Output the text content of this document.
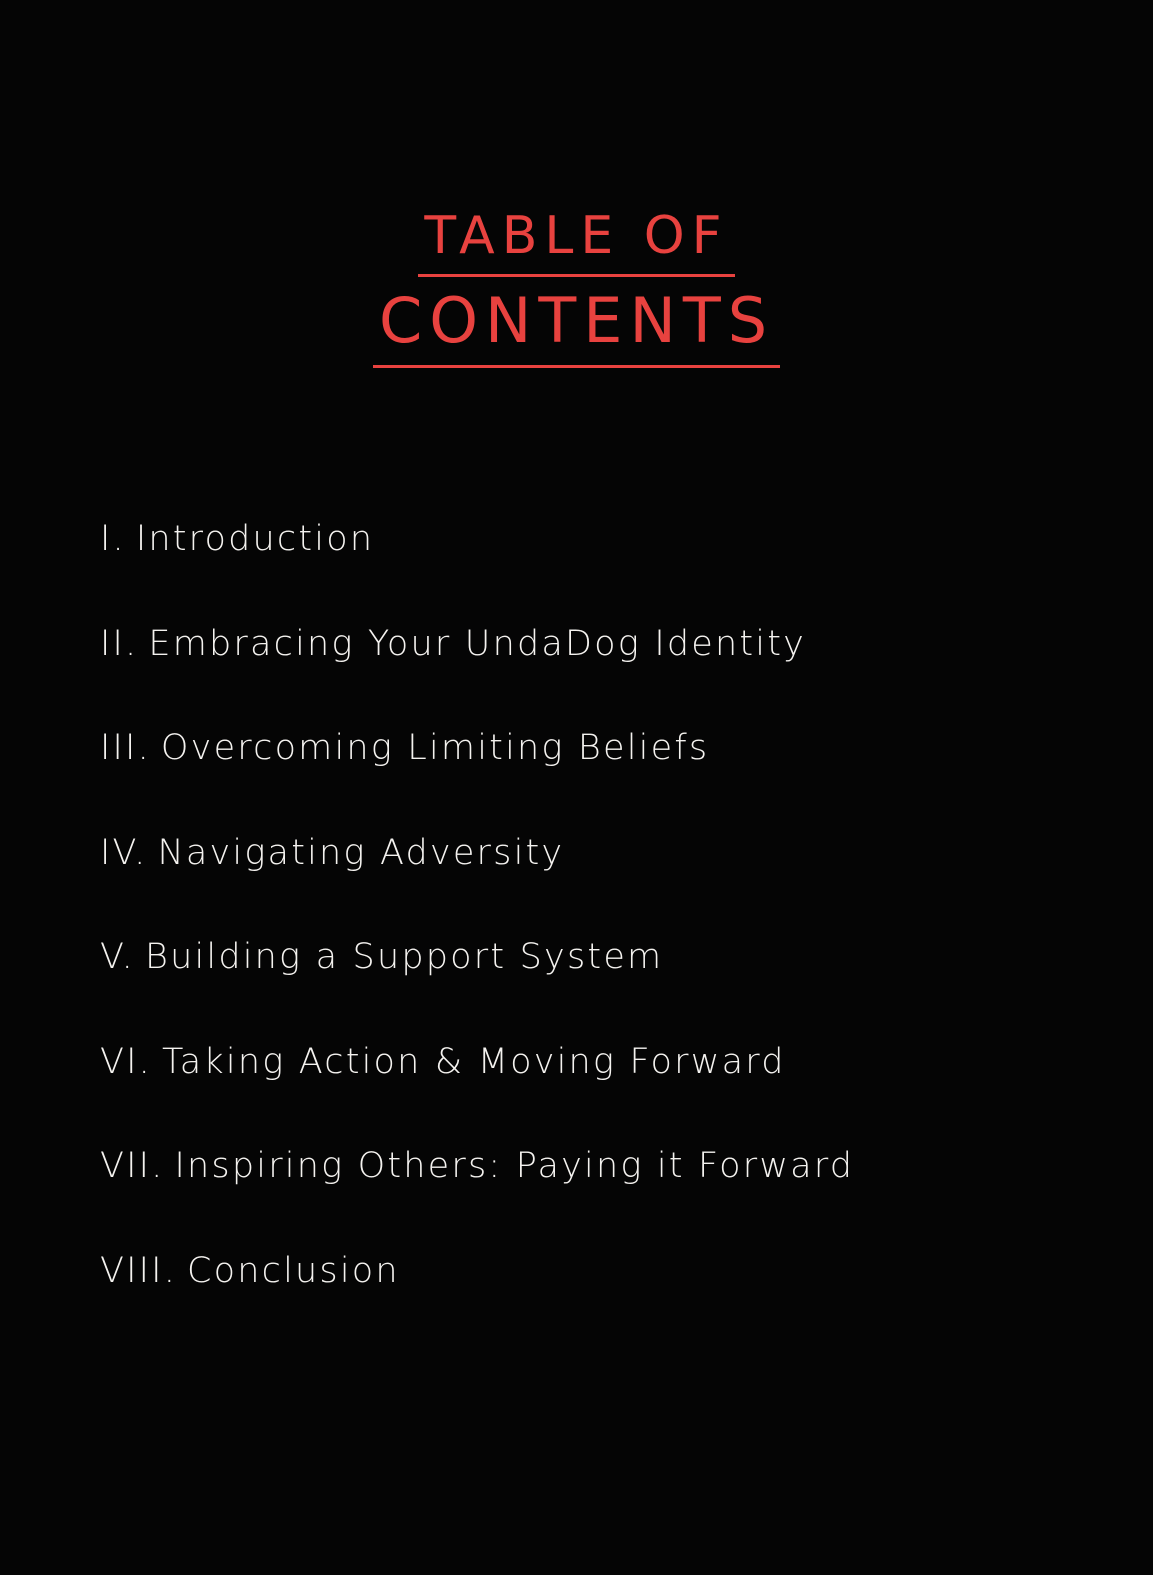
TABLE OF
CONTENTS
I. Introduction
II. Embracing Your UndaDog Identity
III. Overcoming Limiting Beliefs
IV. Navigating Adversity
V. Building a Support System
VI. Taking Action & Moving Forward
VII. Inspiring Others: Paying it Forward
VIII. Conclusion
